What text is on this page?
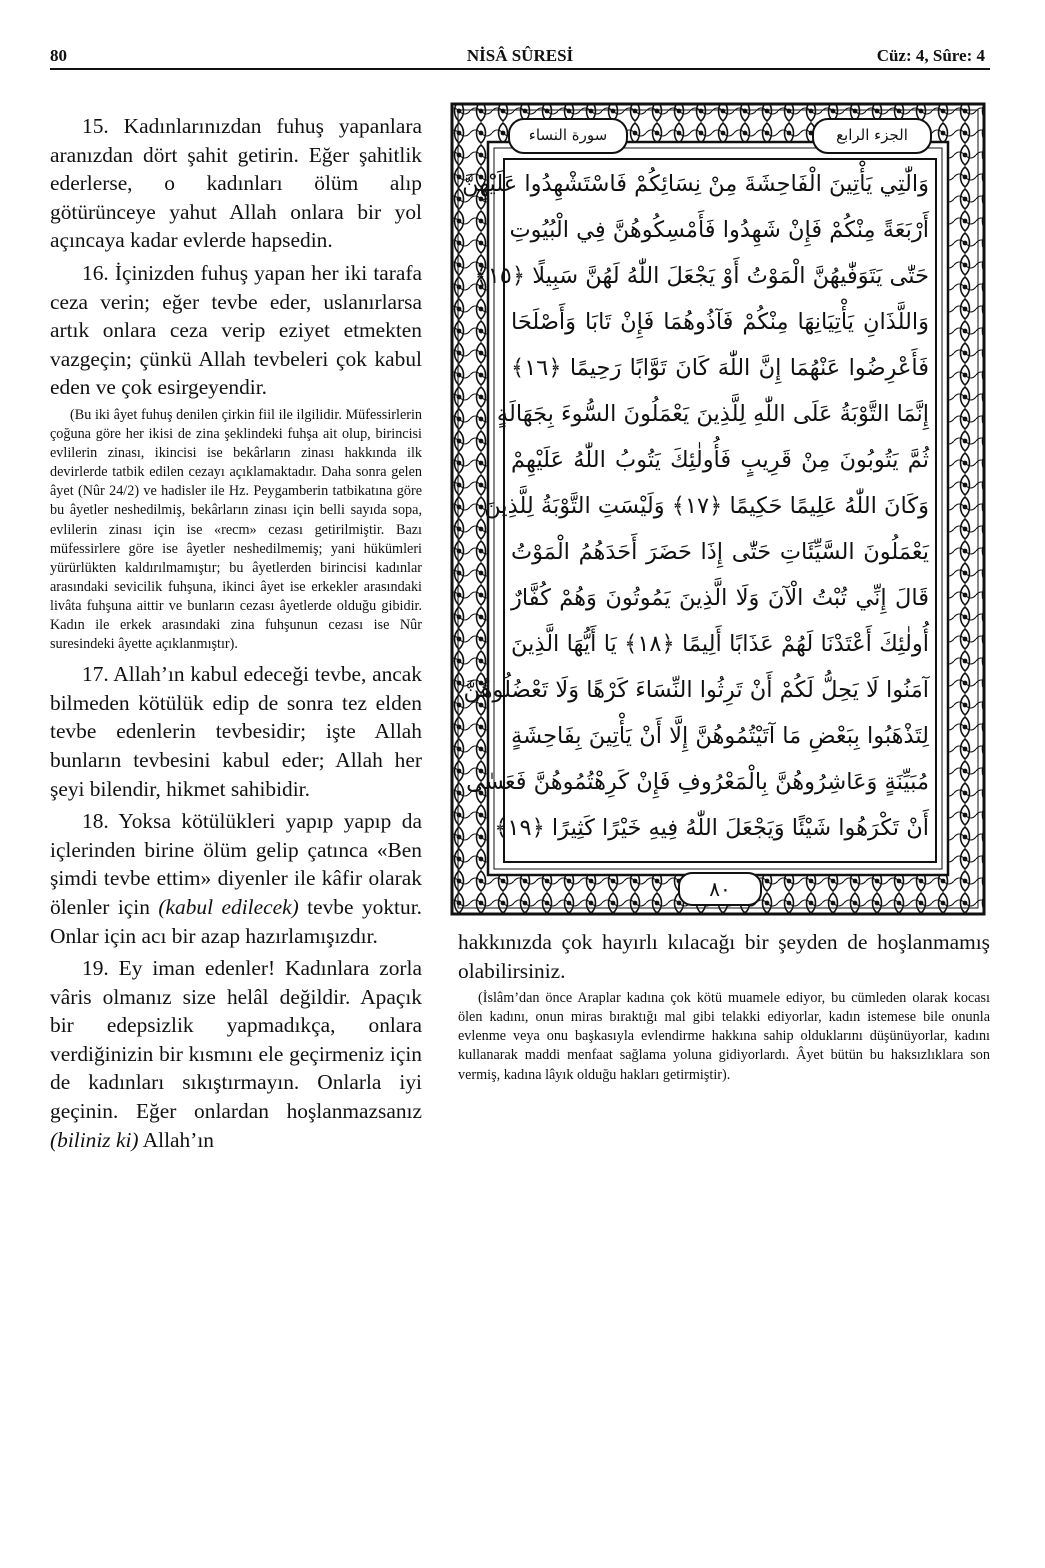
80	NİSÂ SÛRESİ	Cüz: 4, Sûre: 4

15. Kadınlarınızdan fuhuş yapanlara aranızdan dört şahit getirin. Eğer şahitlik ederlerse, o kadınları ölüm alıp götürünceye yahut Allah onlara bir yol açıncaya kadar evlerde hapsedin.

16. İçinizden fuhuş yapan her iki tarafa ceza verin; eğer tevbe eder, uslanırlarsa artık onlara ceza verip eziyet etmekten vazgeçin; çünkü Allah tevbeleri çok kabul eden ve çok esirgeyendir.

(Bu iki âyet fuhuş denilen çirkin fiil ile ilgilidir. Müfessirlerin çoğuna göre her ikisi de zina şeklindeki fuhşa ait olup, birincisi evlilerin zinası, ikincisi ise bekârların zinası hakkında ilk devirlerde tatbik edilen cezayı açıklamaktadır. Daha sonra gelen âyet (Nûr 24/2) ve hadisler ile Hz. Peygamberin tatbikatına göre bu âyetler neshedilmiş, bekârların zinası için belli sayıda sopa, evlilerin zinası için ise «recm» cezası getirilmiştir. Bazı müfessirlere göre ise âyetler neshedilmemiş; yani hükümleri yürürlükten kaldırılmamıştır; bu âyetlerden birincisi kadınlar arasındaki sevicilik fuhşuna, ikinci âyet ise erkekler arasındaki livâta fuhşuna aittir ve bunların cezası âyetlerde olduğu gibidir. Kadın ile erkek arasındaki zina fuhşunun cezası ise Nûr suresindeki âyette açıklanmıştır).

17. Allah’ın kabul edeceği tevbe, ancak bilmeden kötülük edip de sonra tez elden tevbe edenlerin tevbesidir; işte Allah bunların tevbesini kabul eder; Allah her şeyi bilendir, hikmet sahibidir.

18. Yoksa kötülükleri yapıp yapıp da içlerinden birine ölüm gelip çatınca «Ben şimdi tevbe ettim» diyenler ile kâfir olarak ölenler için (kabul edilecek) tevbe yoktur. Onlar için acı bir azap hazırlamışızdır.

19. Ey iman edenler! Kadınlara zorla vâris olmanız size helâl değildir. Apaçık bir edepsizlik yapmadıkça, onlara verdiğinizin bir kısmını ele geçirmeniz için de kadınları sıkıştırmayın. Onlarla iyi geçinin. Eğer onlardan hoşlanmazsanız (biliniz ki) Allah’ın

سورة النساء	الجزء الرابع
وَالّٰتِي يَأْتِينَ الْفَاحِشَةَ مِنْ نِسَائِكُمْ فَاسْتَشْهِدُوا عَلَيْهِنَّ
أَرْبَعَةً مِنْكُمْ فَإِنْ شَهِدُوا فَأَمْسِكُوهُنَّ فِي الْبُيُوتِ
حَتّٰى يَتَوَفّٰيهُنَّ الْمَوْتُ أَوْ يَجْعَلَ اللّٰهُ لَهُنَّ سَبِيلًا ﴿١٥﴾
وَاللَّذَانِ يَأْتِيَانِهَا مِنْكُمْ فَآذُوهُمَا فَإِنْ تَابَا وَأَصْلَحَا
فَأَعْرِضُوا عَنْهُمَا إِنَّ اللّٰهَ كَانَ تَوَّابًا رَحِيمًا ﴿١٦﴾
إِنَّمَا التَّوْبَةُ عَلَى اللّٰهِ لِلَّذِينَ يَعْمَلُونَ السُّوءَ بِجَهَالَةٍ
ثُمَّ يَتُوبُونَ مِنْ قَرِيبٍ فَأُولٰئِكَ يَتُوبُ اللّٰهُ عَلَيْهِمْ
وَكَانَ اللّٰهُ عَلِيمًا حَكِيمًا ﴿١٧﴾ وَلَيْسَتِ التَّوْبَةُ لِلَّذِينَ
يَعْمَلُونَ السَّيِّئَاتِ حَتّٰى إِذَا حَضَرَ أَحَدَهُمُ الْمَوْتُ
قَالَ إِنِّي تُبْتُ الْآنَ وَلَا الَّذِينَ يَمُوتُونَ وَهُمْ كُفَّارٌ
أُولٰئِكَ أَعْتَدْنَا لَهُمْ عَذَابًا أَلِيمًا ﴿١٨﴾ يَا أَيُّهَا الَّذِينَ
آمَنُوا لَا يَحِلُّ لَكُمْ أَنْ تَرِثُوا النِّسَاءَ كَرْهًا وَلَا تَعْضُلُوهُنَّ
لِتَذْهَبُوا بِبَعْضِ مَا آتَيْتُمُوهُنَّ إِلَّا أَنْ يَأْتِينَ بِفَاحِشَةٍ
مُبَيِّنَةٍ وَعَاشِرُوهُنَّ بِالْمَعْرُوفِ فَإِنْ كَرِهْتُمُوهُنَّ فَعَسٰى
أَنْ تَكْرَهُوا شَيْئًا وَيَجْعَلَ اللّٰهُ فِيهِ خَيْرًا كَثِيرًا ﴿١٩﴾
٨٠

hakkınızda çok hayırlı kılacağı bir şeyden de hoşlanmamış olabilirsiniz.

(İslâm’dan önce Araplar kadına çok kötü muamele ediyor, bu cümleden olarak kocası ölen kadını, onun miras bıraktığı mal gibi telakki ediyorlar, kadın istemese bile onunla evlenme veya onu başkasıyla evlendirme hakkına sahip olduklarını düşünüyorlar, kadını kullanarak maddi menfaat sağlama yoluna gidiyorlardı. Âyet bütün bu haksızlıklara son vermiş, kadına lâyık olduğu hakları getirmiştir).
